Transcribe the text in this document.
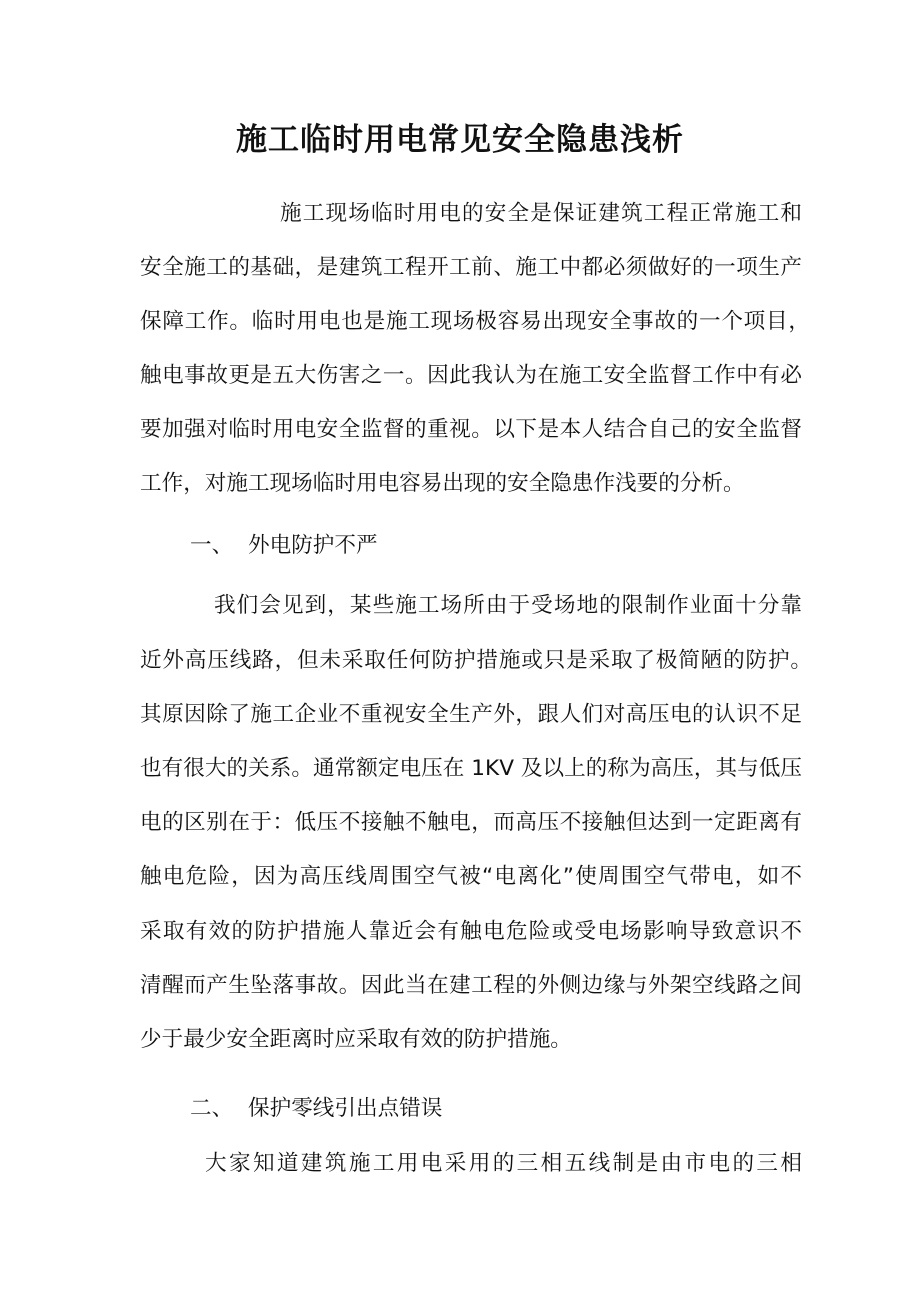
施工临时用电常见安全隐患浅析
施工现场临时用电的安全是保证建筑工程正常施工和
安全施工的基础，是建筑工程开工前、施工中都必须做好的一项生产
保障工作。临时用电也是施工现场极容易出现安全事故的一个项目，
触电事故更是五大伤害之一。因此我认为在施工安全监督工作中有必
要加强对临时用电安全监督的重视。以下是本人结合自己的安全监督
工作，对施工现场临时用电容易出现的安全隐患作浅要的分析。
一、 外电防护不严
我们会见到，某些施工场所由于受场地的限制作业面十分靠
近外高压线路，但未采取任何防护措施或只是采取了极简陋的防护。
其原因除了施工企业不重视安全生产外，跟人们对高压电的认识不足
也有很大的关系。通常额定电压在 1KV 及以上的称为高压，其与低压
电的区别在于：低压不接触不触电，而高压不接触但达到一定距离有
触电危险，因为高压线周围空气被“电离化”使周围空气带电，如不
采取有效的防护措施人靠近会有触电危险或受电场影响导致意识不
清醒而产生坠落事故。因此当在建工程的外侧边缘与外架空线路之间
少于最少安全距离时应采取有效的防护措施。
二、 保护零线引出点错误
大家知道建筑施工用电采用的三相五线制是由市电的三相
